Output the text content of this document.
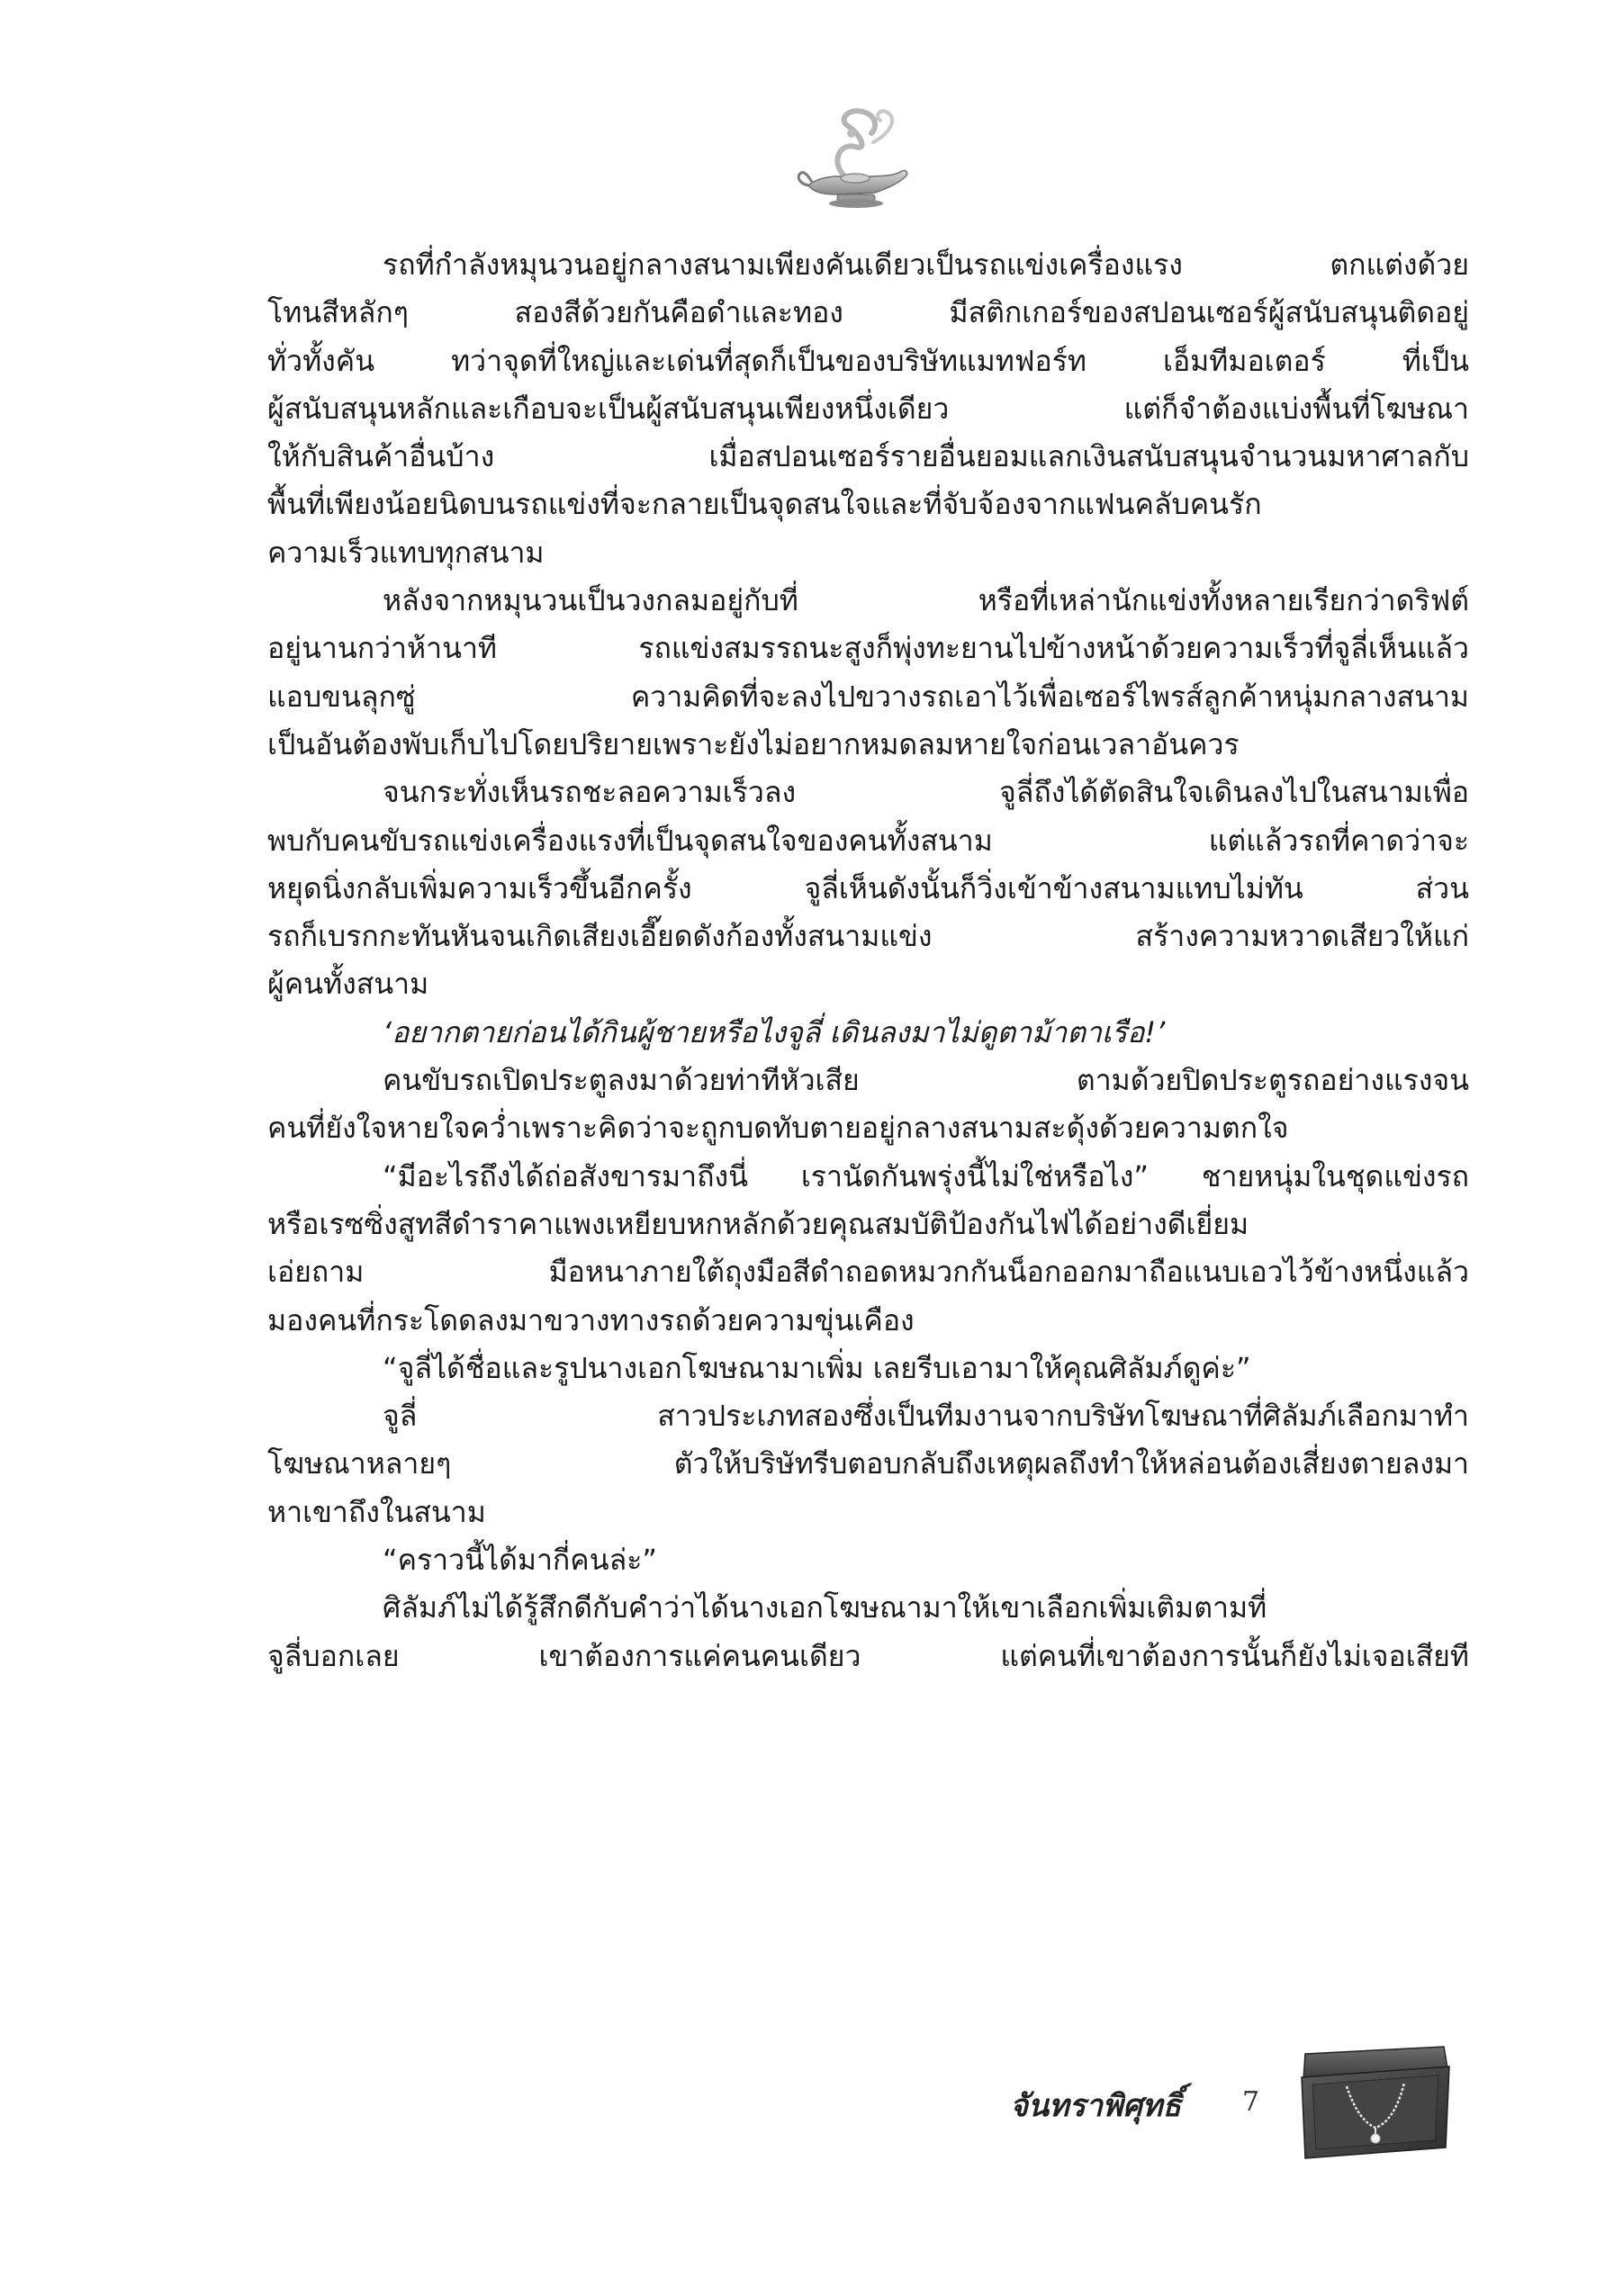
รถที่กำลังหมุนวนอยู่กลางสนามเพียงคันเดียวเป็นรถแข่งเครื่องแรง ตกแต่งด้วย
โทนสีหลักๆ สองสีด้วยกันคือดำและทอง มีสติกเกอร์ของสปอนเซอร์ผู้สนับสนุนติดอยู่
ทั่วทั้งคัน ทว่าจุดที่ใหญ่และเด่นที่สุดก็เป็นของบริษัทแมทฟอร์ท เอ็มทีมอเตอร์ ที่เป็น
ผู้สนับสนุนหลักและเกือบจะเป็นผู้สนับสนุนเพียงหนึ่งเดียว แต่ก็จำต้องแบ่งพื้นที่โฆษณา
ให้กับสินค้าอื่นบ้าง เมื่อสปอนเซอร์รายอื่นยอมแลกเงินสนับสนุนจำนวนมหาศาลกับ
พื้นที่เพียงน้อยนิดบนรถแข่งที่จะกลายเป็นจุดสนใจและที่จับจ้องจากแฟนคลับคนรัก
ความเร็วแทบทุกสนาม
หลังจากหมุนวนเป็นวงกลมอยู่กับที่ หรือที่เหล่านักแข่งทั้งหลายเรียกว่าดริฟต์
อยู่นานกว่าห้านาที รถแข่งสมรรถนะสูงก็พุ่งทะยานไปข้างหน้าด้วยความเร็วที่จูลี่เห็นแล้ว
แอบขนลุกซู่ ความคิดที่จะลงไปขวางรถเอาไว้เพื่อเซอร์ไพรส์ลูกค้าหนุ่มกลางสนาม
เป็นอันต้องพับเก็บไปโดยปริยายเพราะยังไม่อยากหมดลมหายใจก่อนเวลาอันควร
จนกระทั่งเห็นรถชะลอความเร็วลง จูลี่ถึงได้ตัดสินใจเดินลงไปในสนามเพื่อ
พบกับคนขับรถแข่งเครื่องแรงที่เป็นจุดสนใจของคนทั้งสนาม แต่แล้วรถที่คาดว่าจะ
หยุดนิ่งกลับเพิ่มความเร็วขึ้นอีกครั้ง จูลี่เห็นดังนั้นก็วิ่งเข้าข้างสนามแทบไม่ทัน ส่วน
รถก็เบรกกะทันหันจนเกิดเสียงเอี๊ยดดังก้องทั้งสนามแข่ง สร้างความหวาดเสียวให้แก่
ผู้คนทั้งสนาม
‘อยากตายก่อนได้กินผู้ชายหรือไงจูลี่ เดินลงมาไม่ดูตาม้าตาเรือ!’
คนขับรถเปิดประตูลงมาด้วยท่าทีหัวเสีย ตามด้วยปิดประตูรถอย่างแรงจน
คนที่ยังใจหายใจคว่ำเพราะคิดว่าจะถูกบดทับตายอยู่กลางสนามสะดุ้งด้วยความตกใจ
“มีอะไรถึงได้ถ่อสังขารมาถึงนี่ เรานัดกันพรุ่งนี้ไม่ใช่หรือไง” ชายหนุ่มในชุดแข่งรถ
หรือเรซซิ่งสูทสีดำราคาแพงเหยียบหกหลักด้วยคุณสมบัติป้องกันไฟได้อย่างดีเยี่ยม
เอ่ยถาม มือหนาภายใต้ถุงมือสีดำถอดหมวกกันน็อกออกมาถือแนบเอวไว้ข้างหนึ่งแล้ว
มองคนที่กระโดดลงมาขวางทางรถด้วยความขุ่นเคือง
“จูลี่ได้ชื่อและรูปนางเอกโฆษณามาเพิ่ม เลยรีบเอามาให้คุณศิลัมภ์ดูค่ะ”
จูลี่ สาวประเภทสองซึ่งเป็นทีมงานจากบริษัทโฆษณาที่ศิลัมภ์เลือกมาทำ
โฆษณาหลายๆ ตัวให้บริษัทรีบตอบกลับถึงเหตุผลถึงทำให้หล่อนต้องเสี่ยงตายลงมา
หาเขาถึงในสนาม
“คราวนี้ได้มากี่คนล่ะ”
ศิลัมภ์ไม่ได้รู้สึกดีกับคำว่าได้นางเอกโฆษณามาให้เขาเลือกเพิ่มเติมตามที่
จูลี่บอกเลย เขาต้องการแค่คนคนเดียว แต่คนที่เขาต้องการนั้นก็ยังไม่เจอเสียที
จันทราพิศุทธิ์ 7
